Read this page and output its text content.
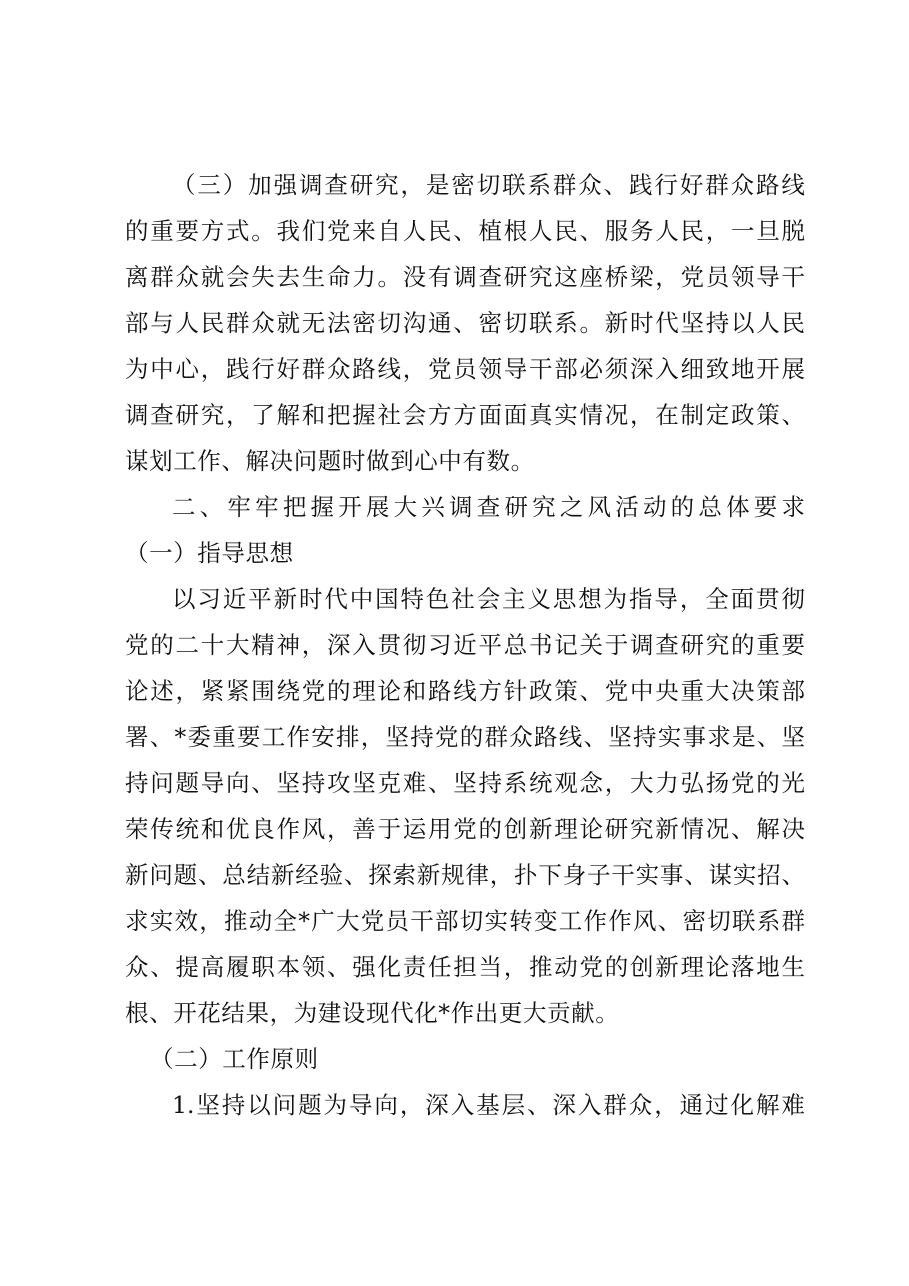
（ 三 ） 加 强 调 查 研 究 ， 是 密 切 联 系 群 众 、 践 行 好 群 众 路 线
的 重 要 方 式 。 我 们 党 来 自 人 民 、 植 根 人 民 、 服 务 人 民 ， 一 旦 脱
离 群 众 就 会 失 去 生 命 力 。 没 有 调 查 研 究 这 座 桥 梁 ， 党 员 领 导 干
部 与 人 民 群 众 就 无 法 密 切 沟 通 、 密 切 联 系 。 新 时 代 坚 持 以 人 民
为 中 心 ， 践 行 好 群 众 路 线 ， 党 员 领 导 干 部 必 须 深 入 细 致 地 开 展
调 查 研 究 ， 了 解 和 把 握 社 会 方 方 面 面 真 实 情 况 ， 在 制 定 政 策 、
谋划工作、解决问题时做到心中有数。
二 、 牢 牢 把 握 开 展 大 兴 调 查 研 究 之 风 活 动 的 总 体 要 求
（一）指导思想
以 习 近 平 新 时 代 中 国 特 色 社 会 主 义 思 想 为 指 导 ， 全 面 贯 彻
党 的 二 十 大 精 神 ， 深 入 贯 彻 习 近 平 总 书 记 关 于 调 查 研 究 的 重 要
论 述 ， 紧 紧 围 绕 党 的 理 论 和 路 线 方 针 政 策 、 党 中 央 重 大 决 策 部
署 、 * 委 重 要 工 作 安 排 ， 坚 持 党 的 群 众 路 线 、 坚 持 实 事 求 是 、 坚
持 问 题 导 向 、 坚 持 攻 坚 克 难 、 坚 持 系 统 观 念 ， 大 力 弘 扬 党 的 光
荣 传 统 和 优 良 作 风 ， 善 于 运 用 党 的 创 新 理 论 研 究 新 情 况 、 解 决
新 问 题 、 总 结 新 经 验 、 探 索 新 规 律 ， 扑 下 身 子 干 实 事 、 谋 实 招 、
求 实 效 ， 推 动 全 * 广 大 党 员 干 部 切 实 转 变 工 作 作 风 、 密 切 联 系 群
众 、 提 高 履 职 本 领 、 强 化 责 任 担 当 ， 推 动 党 的 创 新 理 论 落 地 生
根、开花结果，为建设现代化*作出更大贡献。
（二）工作原则
1. 坚 持 以 问 题 为 导 向 ， 深 入 基 层 、 深 入 群 众 ， 通 过 化 解 难
